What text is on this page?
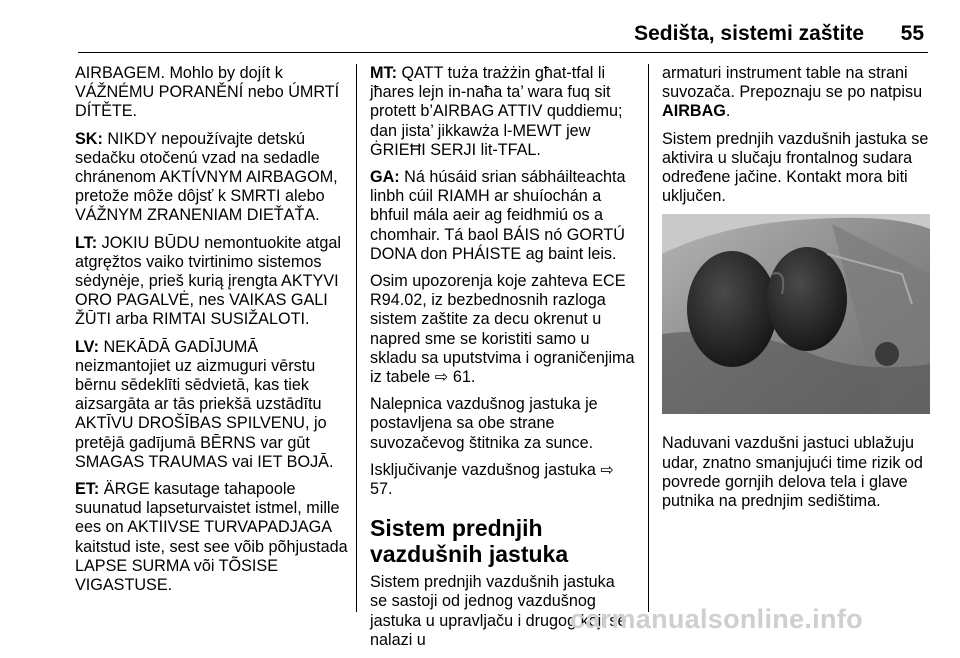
Sedišta, sistemi zaštite 55

AIRBAGEM. Mohlo by dojít k VÁŽNÉMU PORANĚNÍ nebo ÚMRTÍ DÍTĚTE.

SK: NIKDY nepoužívajte detskú sedačku otočenú vzad na sedadle chránenom AKTÍVNYM AIRBAGOM, pretože môže dôjsť k SMRTI alebo VÁŽNYM ZRANENIAM DIEŤAŤA.

LT: JOKIU BŪDU nemontuokite atgal atgręžtos vaiko tvirtinimo sistemos sėdynėje, prieš kurią įrengta AKTYVI ORO PAGALVĖ, nes VAIKAS GALI ŽŪTI arba RIMTAI SUSIŽALOTI.

LV: NEKĀDĀ GADĪJUMĀ neizmantojiet uz aizmuguri vērstu bērnu sēdeklīti sēdvietā, kas tiek aizsargāta ar tās priekšā uzstādītu AKTĪVU DROŠĪBAS SPILVENU, jo pretējā gadījumā BĒRNS var gūt SMAGAS TRAUMAS vai IET BOJĀ.

ET: ÄRGE kasutage tahapoole suunatud lapseturvaistet istmel, mille ees on AKTIIVSE TURVAPADJAGA kaitstud iste, sest see võib põhjustada LAPSE SURMA või TÕSISE VIGASTUSE.

MT: QATT tuża trażżin għat-tfal li jħares lejn in-naħa ta’ wara fuq sit protett b’AIRBAG ATTIV quddiemu; dan jista’ jikkawża l-MEWT jew ĠRIEĦI SERJI lit-TFAL.

GA: Ná húsáid srian sábháilteachta linbh cúil RIAMH ar shuíochán a bhfuil mála aeir ag feidhmiú os a chomhair. Tá baol BÁIS nó GORTÚ DONA don PHÁISTE ag baint leis.

Osim upozorenja koje zahteva ECE R94.02, iz bezbednosnih razloga sistem zaštite za decu okrenut u napred sme se koristiti samo u skladu sa uputstvima i ograničenjima iz tabele ⇨ 61.

Nalepnica vazdušnog jastuka je postavljena sa obe strane suvozačevog štitnika za sunce.

Isključivanje vazdušnog jastuka ⇨ 57.

Sistem prednjih vazdušnih jastuka

Sistem prednjih vazdušnih jastuka se sastoji od jednog vazdušnog jastuka u upravljaču i drugog koji se nalazi u

armaturi instrument table na strani suvozača. Prepoznaju se po natpisu AIRBAG.

Sistem prednjih vazdušnih jastuka se aktivira u slučaju frontalnog sudara određene jačine. Kontakt mora biti uključen.

Naduvani vazdušni jastuci ublažuju udar, znatno smanjujući time rizik od povrede gornjih delova tela i glave putnika na prednjim sedištima.

carmanualsonline.info
